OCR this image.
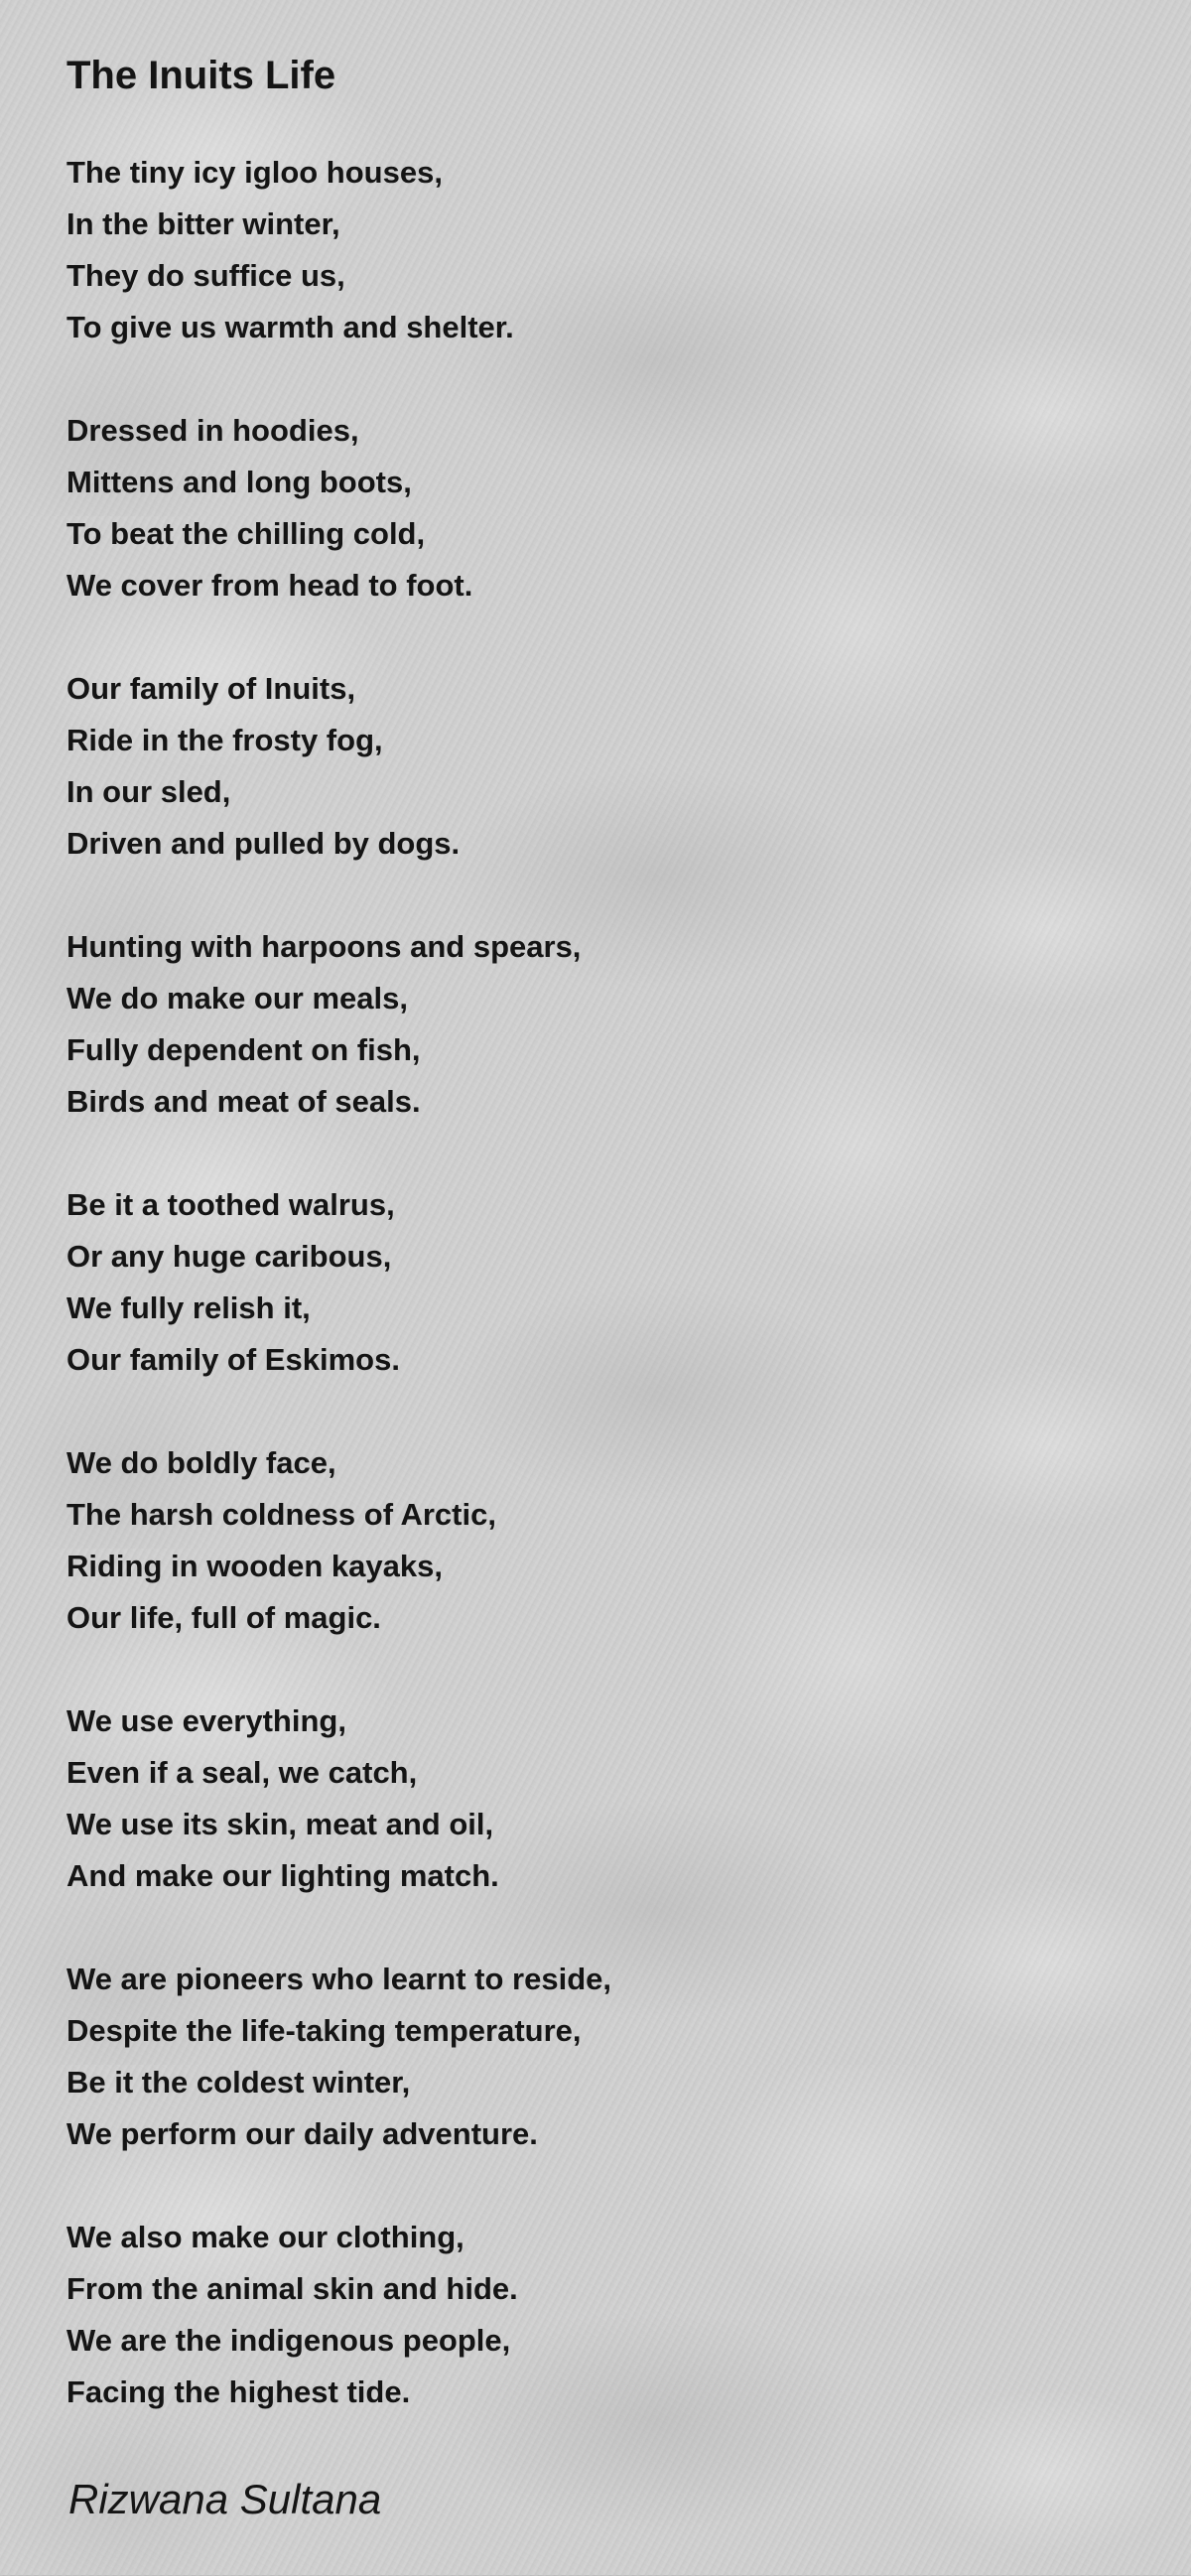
The Inuits Life
The tiny icy igloo houses,
In the bitter winter,
They do suffice us,
To give us warmth and shelter.
Dressed in hoodies,
Mittens and long boots,
To beat the chilling cold,
We cover from head to foot.
Our family of Inuits,
Ride in the frosty fog,
In our sled,
Driven and pulled by dogs.
Hunting with harpoons and spears,
We do make our meals,
Fully dependent on fish,
Birds and meat of seals.
Be it a toothed walrus,
Or any huge caribous,
We fully relish it,
Our family of Eskimos.
We do boldly face,
The harsh coldness of Arctic,
Riding in wooden kayaks,
Our life, full of magic.
We use everything,
Even if a seal, we catch,
We use its skin, meat and oil,
And make our lighting match.
We are pioneers who learnt to reside,
Despite the life-taking temperature,
Be it the coldest winter,
We perform our daily adventure.
We also make our clothing,
From the animal skin and hide.
We are the indigenous people,
Facing the highest tide.
Rizwana Sultana
